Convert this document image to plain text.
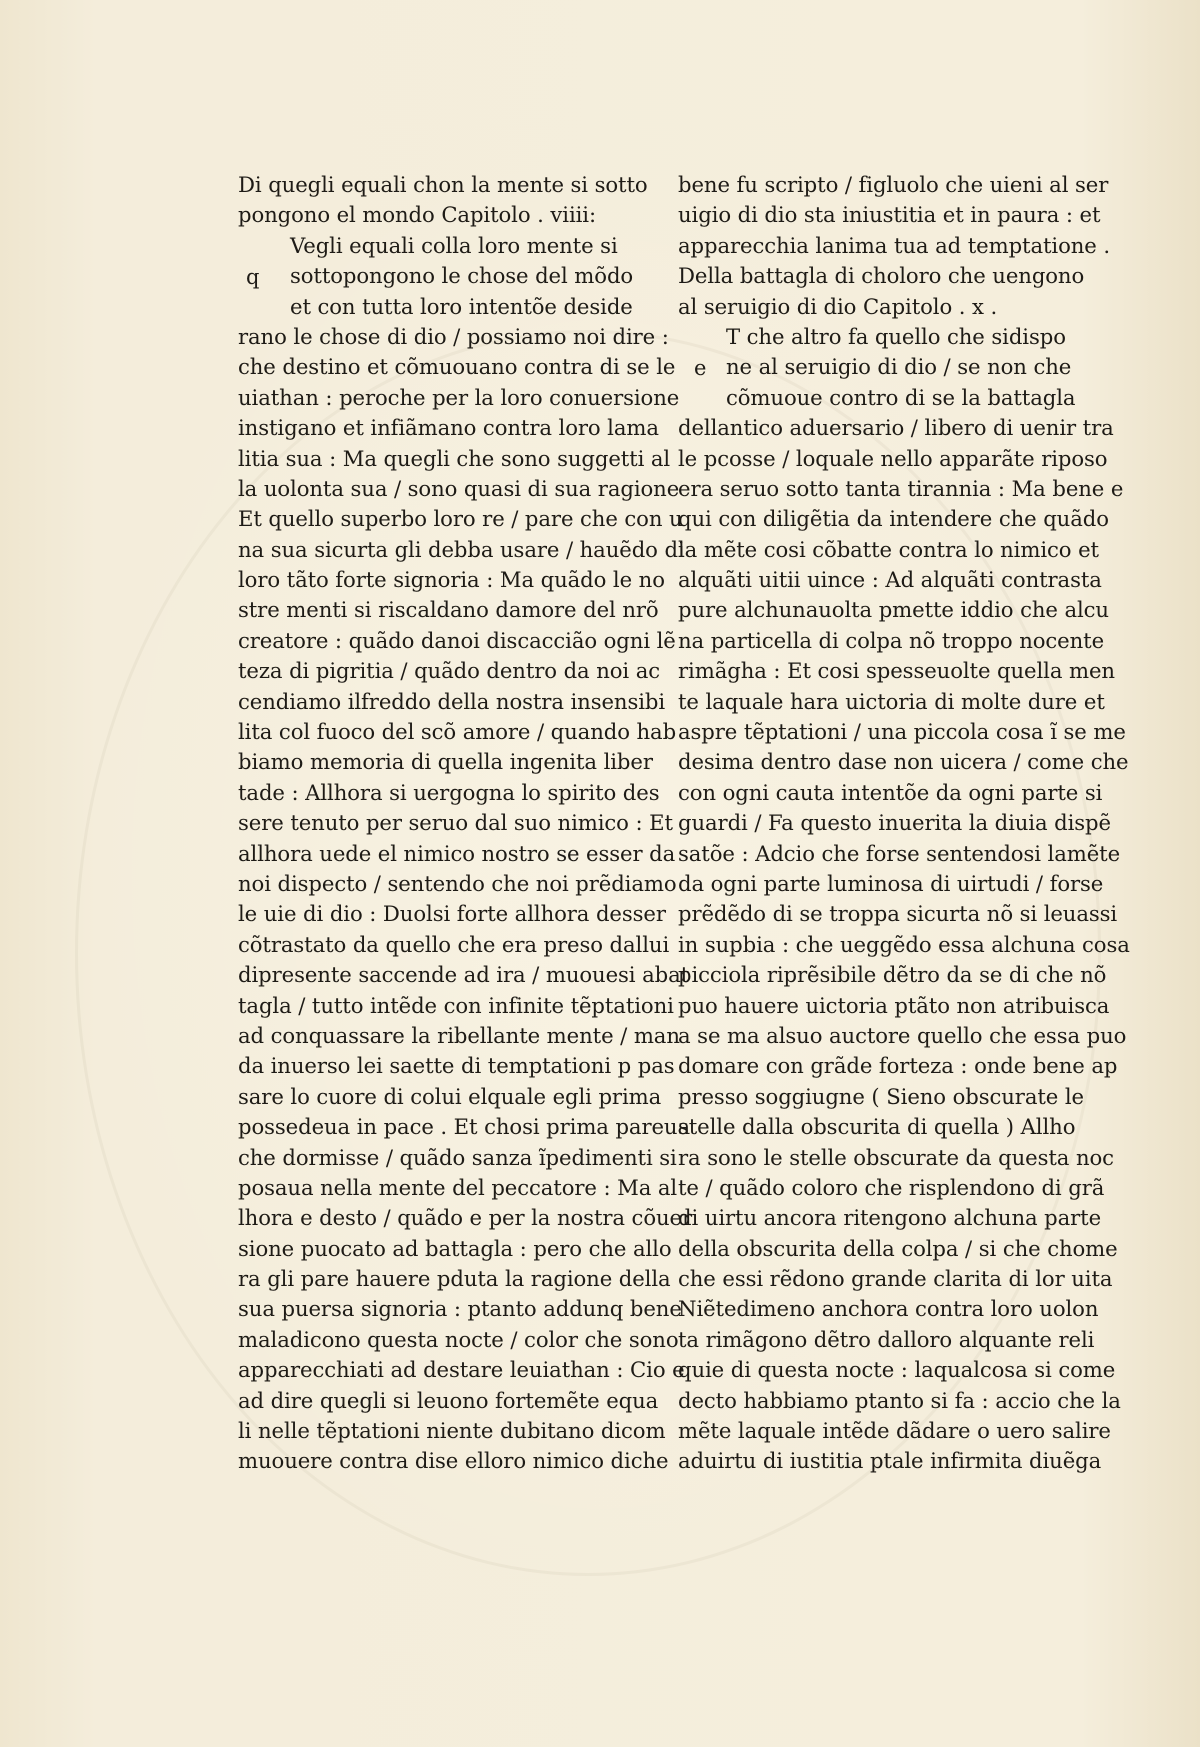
Di quegli equali chon la mente si sotto
pongono el mondo Capitolo . viiii:
Vegli equali colla loro mente si
sottopongono le chose del mõdo
et con tutta loro intentõe deside
rano le chose di dio / possiamo noi dire :
che destino et cõmuouano contra di se le
uiathan : peroche per la loro conuersione
instigano et infiãmano contra loro lama
litia sua : Ma quegli che sono suggetti al
la uolonta sua / sono quasi di sua ragione
Et quello superbo loro re / pare che con u
na sua sicurta gli debba usare / hauẽdo di
loro tãto forte signoria : Ma quãdo le no
stre menti si riscaldano damore del nrõ
creatore : quãdo danoi discaccião ogni lẽ
teza di pigritia / quãdo dentro da noi ac
cendiamo ilfreddo della nostra insensibi
lita col fuoco del scõ amore / quando hab
biamo memoria di quella ingenita liber
tade : Allhora si uergogna lo spirito des
sere tenuto per seruo dal suo nimico : Et
allhora uede el nimico nostro se esser da
noi dispecto / sentendo che noi prẽdiamo
le uie di dio : Duolsi forte allhora desser
cõtrastato da quello che era preso dallui
dipresente saccende ad ira / muouesi abat
tagla / tutto intẽde con infinite tẽptationi
ad conquassare la ribellante mente / man
da inuerso lei saette di temptationi p pas
sare lo cuore di colui elquale egli prima
possedeua in pace . Et chosi prima pareua
che dormisse / quãdo sanza ĩpedimenti si
posaua nella mente del peccatore : Ma al
lhora e desto / quãdo e per la nostra cõuer
sione puocato ad battagla : pero che allo
ra gli pare hauere pduta la ragione della
sua puersa signoria : ptanto addunq bene
maladicono questa nocte / color che sono
apparecchiati ad destare leuiathan : Cio e
ad dire quegli si leuono fortemẽte equa
li nelle tẽptationi niente dubitano dicom
muouere contra dise elloro nimico diche
q
bene fu scripto / figluolo che uieni al ser
uigio di dio sta iniustitia et in paura : et
apparecchia lanima tua ad temptatione .
Della battagla di choloro che uengono
al seruigio di dio Capitolo . x .
T che altro fa quello che sidispo
ne al seruigio di dio / se non che
cõmuoue contro di se la battagla
dellantico aduersario / libero di uenir tra
le pcosse / loquale nello apparãte riposo
era seruo sotto tanta tirannia : Ma bene e
qui con diligẽtia da intendere che quãdo
la mẽte cosi cõbatte contra lo nimico et
alquãti uitii uince : Ad alquãti contrasta
pure alchunauolta pmette iddio che alcu
na particella di colpa nõ troppo nocente
rimãgha : Et cosi spesseuolte quella men
te laquale hara uictoria di molte dure et
aspre tẽptationi / una piccola cosa ĩ se me
desima dentro dase non uicera / come che
con ogni cauta intentõe da ogni parte si
guardi / Fa questo inuerita la diuia dispẽ
satõe : Adcio che forse sentendosi lamẽte
da ogni parte luminosa di uirtudi / forse
prẽdẽdo di se troppa sicurta nõ si leuassi
in supbia : che ueggẽdo essa alchuna cosa
picciola riprẽsibile dẽtro da se di che nõ
puo hauere uictoria ptãto non atribuisca
a se ma alsuo auctore quello che essa puo
domare con grãde forteza : onde bene ap
presso soggiugne ( Sieno obscurate le
stelle dalla obscurita di quella ) Allho
ra sono le stelle obscurate da questa noc
te / quãdo coloro che risplendono di grã
di uirtu ancora ritengono alchuna parte
della obscurita della colpa / si che chome
che essi rẽdono grande clarita di lor uita
Niẽtedimeno anchora contra loro uolon
ta rimãgono dẽtro dalloro alquante reli
quie di questa nocte : laqualcosa si come
decto habbiamo ptanto si fa : accio che la
mẽte laquale intẽde dãdare o uero salire
aduirtu di iustitia ptale infirmita diuẽga
e
